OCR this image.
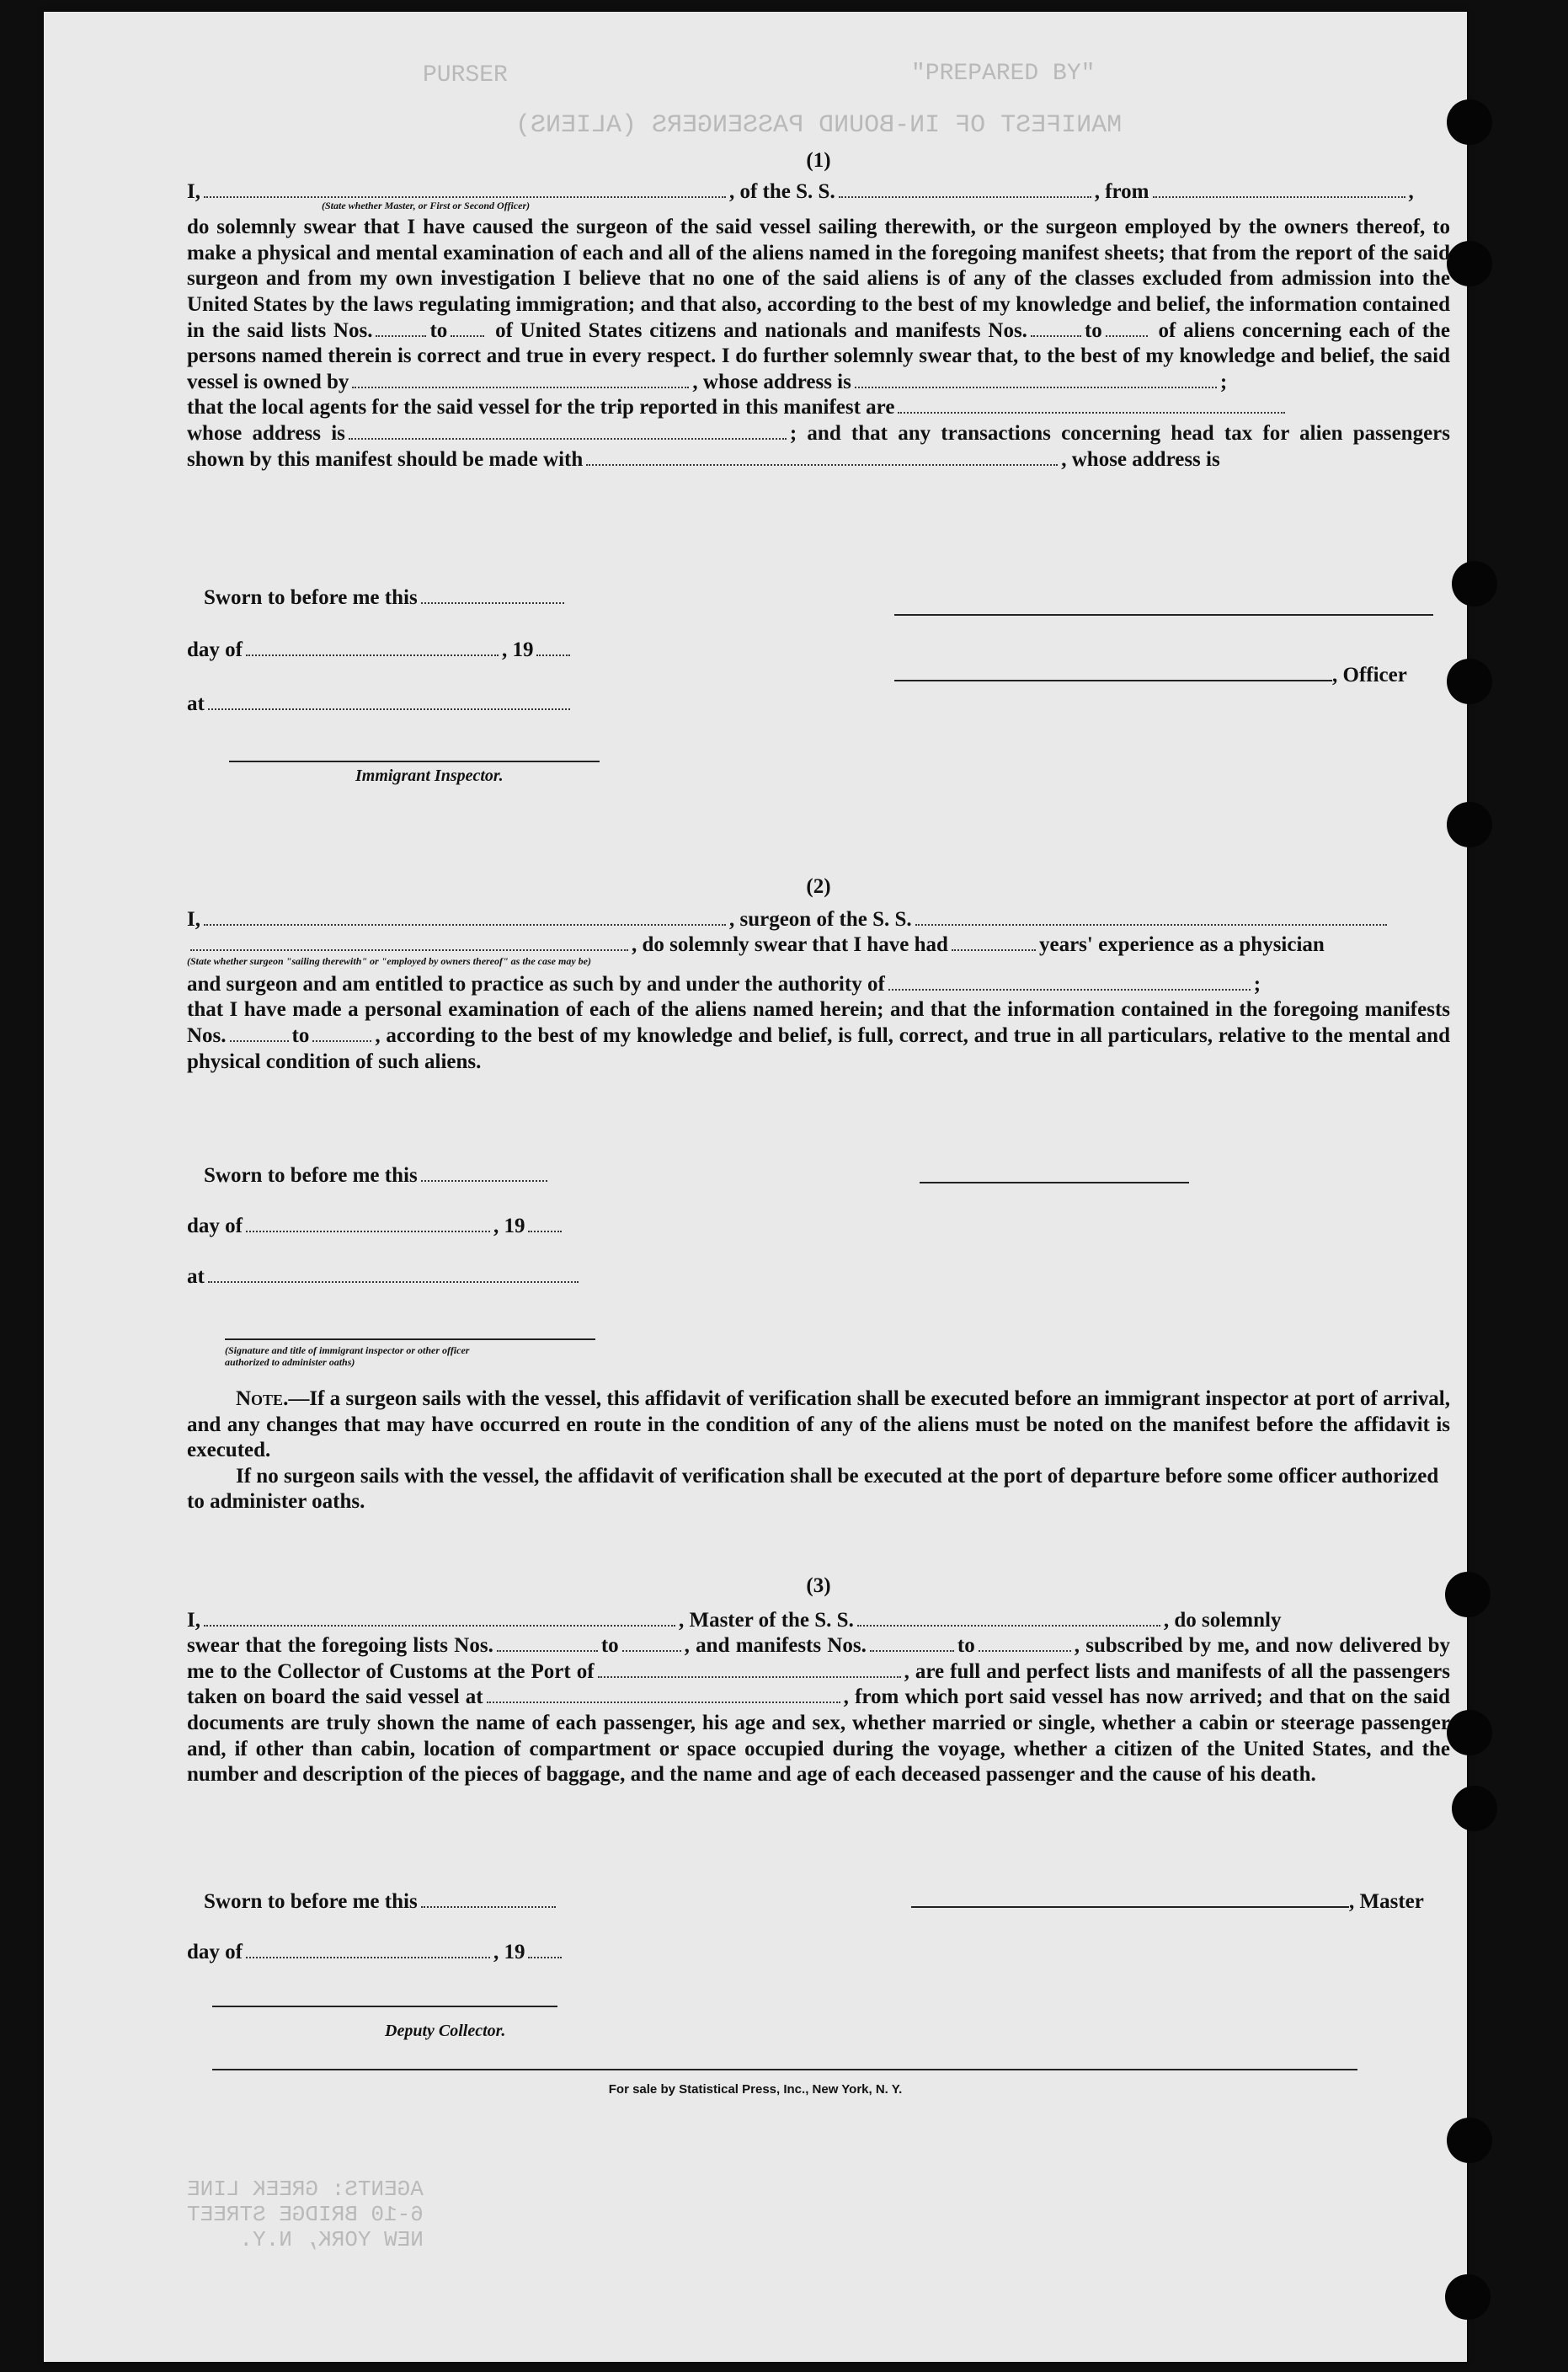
PURSER	"PREPARED BY"
MANIFEST OF IN-BOUND PASSENGERS (ALIENS)
AGENTS: GREEK LINE
6-10 BRIDGE STREET
NEW YORK, N.Y.

(1)

I,	, of the S. S.	, from	,

(State whether Master, or First or Second Officer)

do solemnly swear that I have caused the surgeon of the said vessel sailing therewith, or the surgeon employed by the owners thereof, to make a physical and mental examination of each and all of the aliens named in the foregoing manifest sheets; that from the report of the said surgeon and from my own investigation I believe that no one of the said aliens is of any of the classes excluded from admission into the United States by the laws regulating immigration; and that also, according to the best of my knowledge and belief, the information contained in the said lists Nos.	to of United States citizens and nationals and manifests Nos.	to	of aliens concerning each of the persons named therein is correct and true in every respect. I do further solemnly swear that, to the best of my knowledge and belief, the said vessel is owned by	, whose address is	;

that the local agents for the said vessel for the trip reported in this manifest are

whose address is	; and that any transactions concerning head tax for alien passengers shown by this manifest should be made with	, whose address is

Sworn to before me this
day of	, 19
, Officer
at
Immigrant Inspector.

(2)

I,	, surgeon of the S. S.

, do solemnly swear that I have had	years' experience as a physician

(State whether surgeon "sailing therewith" or "employed by owners thereof" as the case may be)

and surgeon and am entitled to practice as such by and under the authority of	;

that I have made a personal examination of each of the aliens named herein; and that the information contained in the foregoing manifests Nos.	to	, according to the best of my knowledge and belief, is full, correct, and true in all particulars, relative to the mental and physical condition of such aliens.

Sworn to before me this
day of	, 19
at
(Signature and title of immigrant inspector or other officer authorized to administer oaths)

Note.—If a surgeon sails with the vessel, this affidavit of verification shall be executed before an immigrant inspector at port of arrival, and any changes that may have occurred en route in the condition of any of the aliens must be noted on the manifest before the affidavit is executed.

If no surgeon sails with the vessel, the affidavit of verification shall be executed at the port of departure before some officer authorized to administer oaths.

(3)

I,	, Master of the S. S.	, do solemnly

swear that the foregoing lists Nos.	to	, and manifests Nos.	to	, subscribed by me, and now delivered by me to the Collector of Customs at the Port of	, are full and perfect lists and manifests of all the passengers taken on board the said vessel at	, from which port said vessel has now arrived; and that on the said documents are truly shown the name of each passenger, his age and sex, whether married or single, whether a cabin or steerage passenger and, if other than cabin, location of compartment or space occupied during the voyage, whether a citizen of the United States, and the number and description of the pieces of baggage, and the name and age of each deceased passenger and the cause of his death.

Sworn to before me this	, Master
day of	, 19
Deputy Collector.
For sale by Statistical Press, Inc., New York, N. Y.
